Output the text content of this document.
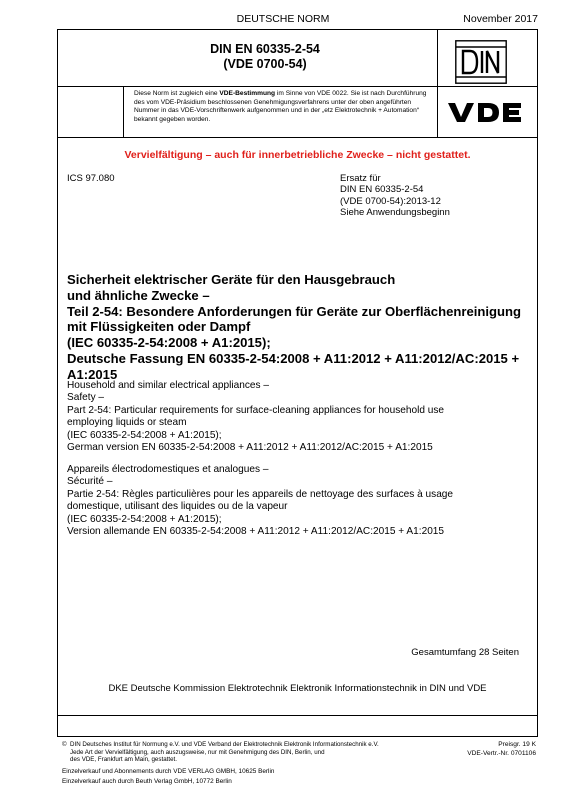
DEUTSCHE NORM	November 2017
DIN EN 60335-2-54
(VDE 0700-54)
Diese Norm ist zugleich eine VDE-Bestimmung im Sinne von VDE 0022. Sie ist nach Durchführung des vom VDE-Präsidium beschlossenen Genehmigungsverfahrens unter der oben angeführten Nummer in das VDE-Vorschriftenwerk aufgenommen und in der „etz Elektrotechnik + Automation“ bekannt gegeben worden.
Vervielfältigung – auch für innerbetriebliche Zwecke – nicht gestattet.
ICS 97.080	Ersatz für
DIN EN 60335-2-54
(VDE 0700-54):2013-12
Siehe Anwendungsbeginn
Sicherheit elektrischer Geräte für den Hausgebrauch
und ähnliche Zwecke –
Teil 2-54: Besondere Anforderungen für Geräte zur Oberflächenreinigung
mit Flüssigkeiten oder Dampf
(IEC 60335-2-54:2008 + A1:2015);
Deutsche Fassung EN 60335-2-54:2008 + A11:2012 + A11:2012/AC:2015 +
A1:2015
Household and similar electrical appliances –
Safety –
Part 2-54: Particular requirements for surface-cleaning appliances for household use
employing liquids or steam
(IEC 60335-2-54:2008 + A1:2015);
German version EN 60335-2-54:2008 + A11:2012 + A11:2012/AC:2015 + A1:2015
Appareils électrodomestiques et analogues –
Sécurité –
Partie 2-54: Règles particulières pour les appareils de nettoyage des surfaces à usage
domestique, utilisant des liquides ou de la vapeur
(IEC 60335-2-54:2008 + A1:2015);
Version allemande EN 60335-2-54:2008 + A11:2012 + A11:2012/AC:2015 + A1:2015
Gesamtumfang 28 Seiten
DKE Deutsche Kommission Elektrotechnik Elektronik Informationstechnik in DIN und VDE
© DIN Deutsches Institut für Normung e.V. und VDE Verband der Elektrotechnik Elektronik Informationstechnik e.V.
Jede Art der Vervielfältigung, auch auszugsweise, nur mit Genehmigung des DIN, Berlin, und
des VDE, Frankfurt am Main, gestattet.
Preisgr. 19 K
VDE-Vertr.-Nr. 0701106
Einzelverkauf und Abonnements durch VDE VERLAG GMBH, 10625 Berlin
Einzelverkauf auch durch Beuth Verlag GmbH, 10772 Berlin
